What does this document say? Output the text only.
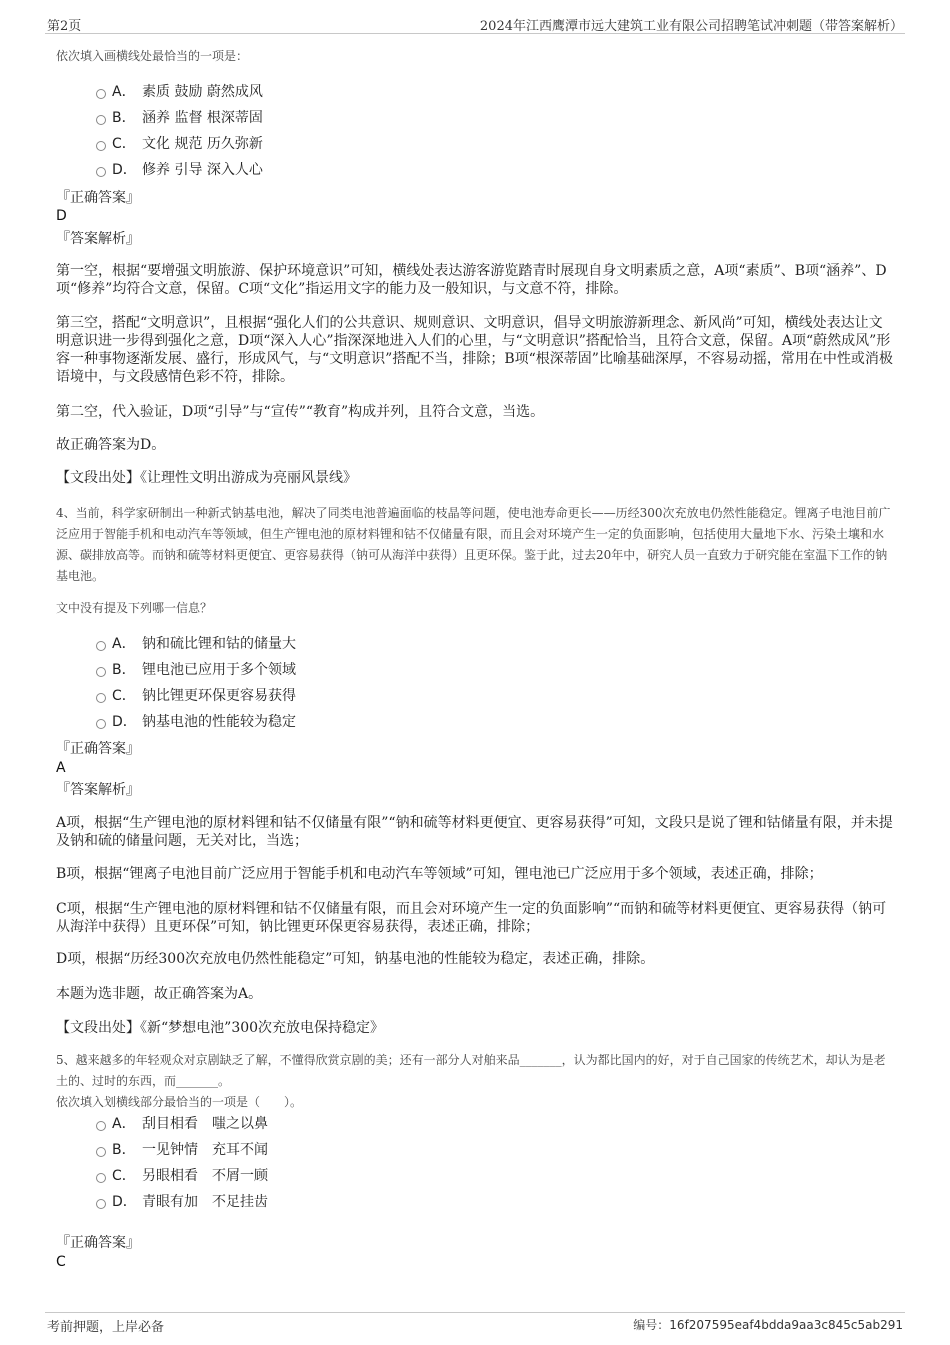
第2页	2024年江西鹰潭市远大建筑工业有限公司招聘笔试冲刺题（带答案解析）
依次填入画横线处最恰当的一项是：
A． 素质 鼓励 蔚然成风
B． 涵养 监督 根深蒂固
C． 文化 规范 历久弥新
D． 修养 引导 深入人心
『正确答案』
D
『答案解析』
第一空，根据“要增强文明旅游、保护环境意识”可知，横线处表达游客游览踏青时展现自身文明素质之意，A项“素质”、B项“涵养”、D项“修养”均符合文意，保留。C项“文化”指运用文字的能力及一般知识，与文意不符，排除。
第三空，搭配“文明意识”，且根据“强化人们的公共意识、规则意识、文明意识，倡导文明旅游新理念、新风尚”可知，横线处表达让文明意识进一步得到强化之意，D项“深入人心”指深深地进入人们的心里，与“文明意识”搭配恰当，且符合文意，保留。A项“蔚然成风”形容一种事物逐渐发展、盛行，形成风气，与“文明意识”搭配不当，排除；B项“根深蒂固”比喻基础深厚，不容易动摇，常用在中性或消极语境中，与文段感情色彩不符，排除。
第二空，代入验证，D项“引导”与“宣传”“教育”构成并列，且符合文意，当选。
故正确答案为D。
【文段出处】《让理性文明出游成为亮丽风景线》
4、当前，科学家研制出一种新式钠基电池，解决了同类电池普遍面临的枝晶等问题，使电池寿命更长——历经300次充放电仍然性能稳定。锂离子电池目前广泛应用于智能手机和电动汽车等领域，但生产锂电池的原材料锂和钴不仅储量有限，而且会对环境产生一定的负面影响，包括使用大量地下水、污染土壤和水源、碳排放高等。而钠和硫等材料更便宜、更容易获得（钠可从海洋中获得）且更环保。鉴于此，过去20年中，研究人员一直致力于研究能在室温下工作的钠基电池。
文中没有提及下列哪一信息？
A． 钠和硫比锂和钴的储量大
B． 锂电池已应用于多个领域
C． 钠比锂更环保更容易获得
D． 钠基电池的性能较为稳定
『正确答案』
A
『答案解析』
A项，根据“生产锂电池的原材料锂和钴不仅储量有限”“钠和硫等材料更便宜、更容易获得”可知，文段只是说了锂和钴储量有限，并未提及钠和硫的储量问题，无关对比，当选；
B项，根据“锂离子电池目前广泛应用于智能手机和电动汽车等领域”可知，锂电池已广泛应用于多个领域，表述正确，排除；
C项，根据“生产锂电池的原材料锂和钴不仅储量有限，而且会对环境产生一定的负面影响”“而钠和硫等材料更便宜、更容易获得（钠可从海洋中获得）且更环保”可知，钠比锂更环保更容易获得，表述正确，排除；
D项，根据“历经300次充放电仍然性能稳定”可知，钠基电池的性能较为稳定，表述正确，排除。
本题为选非题，故正确答案为A。
【文段出处】《新“梦想电池”300次充放电保持稳定》
5、越来越多的年轻观众对京剧缺乏了解，不懂得欣赏京剧的美；还有一部分人对舶来品_______，认为都比国内的好，对于自己国家的传统艺术，却认为是老土的、过时的东西，而_______。
依次填入划横线部分最恰当的一项是（　　）。
A． 刮目相看 嗤之以鼻
B． 一见钟情 充耳不闻
C． 另眼相看 不屑一顾
D． 青眼有加 不足挂齿
『正确答案』
C
考前押题，上岸必备	编号：16f207595eaf4bdda9aa3c845c5ab291
